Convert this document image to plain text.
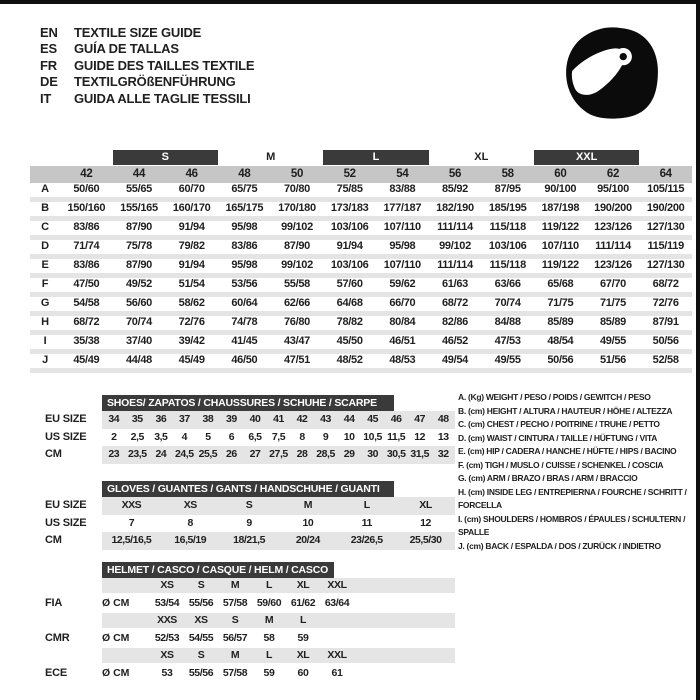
EN	TEXTILE SIZE GUIDE
ES	GUÍA DE TALLAS
FR	GUIDE DES TAILLES TEXTILE
DE	TEXTILGRÖßENFÜHRUNG
IT	GUIDA ALLE TAGLIE TESSILI
S	M	L	XL	XXL
42	44	46	48	50	52	54	56	58	60	62	64
A	50/60	55/65	60/70	65/75	70/80	75/85	83/88	85/92	87/95	90/100	95/100	105/115
B	150/160	155/165	160/170	165/175	170/180	173/183	177/187	182/190	185/195	187/198	190/200	190/200
C	83/86	87/90	91/94	95/98	99/102	103/106	107/110	111/114	115/118	119/122	123/126	127/130
D	71/74	75/78	79/82	83/86	87/90	91/94	95/98	99/102	103/106	107/110	111/114	115/119
E	83/86	87/90	91/94	95/98	99/102	103/106	107/110	111/114	115/118	119/122	123/126	127/130
F	47/50	49/52	51/54	53/56	55/58	57/60	59/62	61/63	63/66	65/68	67/70	68/72
G	54/58	56/60	58/62	60/64	62/66	64/68	66/70	68/72	70/74	71/75	71/75	72/76
H	68/72	70/74	72/76	74/78	76/80	78/82	80/84	82/86	84/88	85/89	85/89	87/91
I	35/38	37/40	39/42	41/45	43/47	45/50	46/51	46/52	47/53	48/54	49/55	50/56
J	45/49	44/48	45/49	46/50	47/51	48/52	48/53	49/54	49/55	50/56	51/56	52/58
SHOES/ ZAPATOS / CHAUSSURES / SCHUHE / SCARPE
EU SIZE	34	35	36	37	38	39	40	41	42	43	44	45	46	47	48
US SIZE	2	2,5 3,5	4	5	6	6,5 7,5	8	9	10 10,5 11,5 12	13
CM	23 23,5 24 24,5 25,5 26	27 27,5 28 28,5 29	30 30,5 31,5 32
GLOVES / GUANTES / GANTS / HANDSCHUHE / GUANTI
EU SIZE	XXS	XS	S	M	L	XL
US SIZE	7	8	9	10	11	12
CM	12,5/16,5	16,5/19	18/21,5	20/24	23/26,5	25,5/30
HELMET / CASCO / CASQUE / HELM / CASCO
XS	S	M	L	XL	XXL
FIA	Ø CM	53/54 55/56 57/58 59/60 61/62 63/64
XXS	XS	S	M	L
CMR	Ø CM	52/53 54/55 56/57	58	59
XS	S	M	L	XL	XXL
ECE	Ø CM	53	55/56 57/58	59	60	61
A. (Kg) WEIGHT / PESO / POIDS / GEWITCH / PESO
B. (cm) HEIGHT / ALTURA / HAUTEUR / HÖHE / ALTEZZA
C. (cm) CHEST / PECHO / POITRINE / TRUHE / PETTO
D. (cm) WAIST / CINTURA / TAILLE / HÜFTUNG / VITA
E. (cm) HIP / CADERA / HANCHE / HÜFTE / HIPS / BACINO
F. (cm) TIGH / MUSLO / CUISSE / SCHENKEL / COSCIA
G. (cm) ARM / BRAZO / BRAS / ARM / BRACCIO
H. (cm) INSIDE LEG / ENTREPIERNA / FOURCHE / SCHRITT / FORCELLA
I. (cm) SHOULDERS / HOMBROS / ÉPAULES / SCHULTERN / SPALLE
J. (cm) BACK / ESPALDA / DOS / ZURÜCK / INDIETRO
